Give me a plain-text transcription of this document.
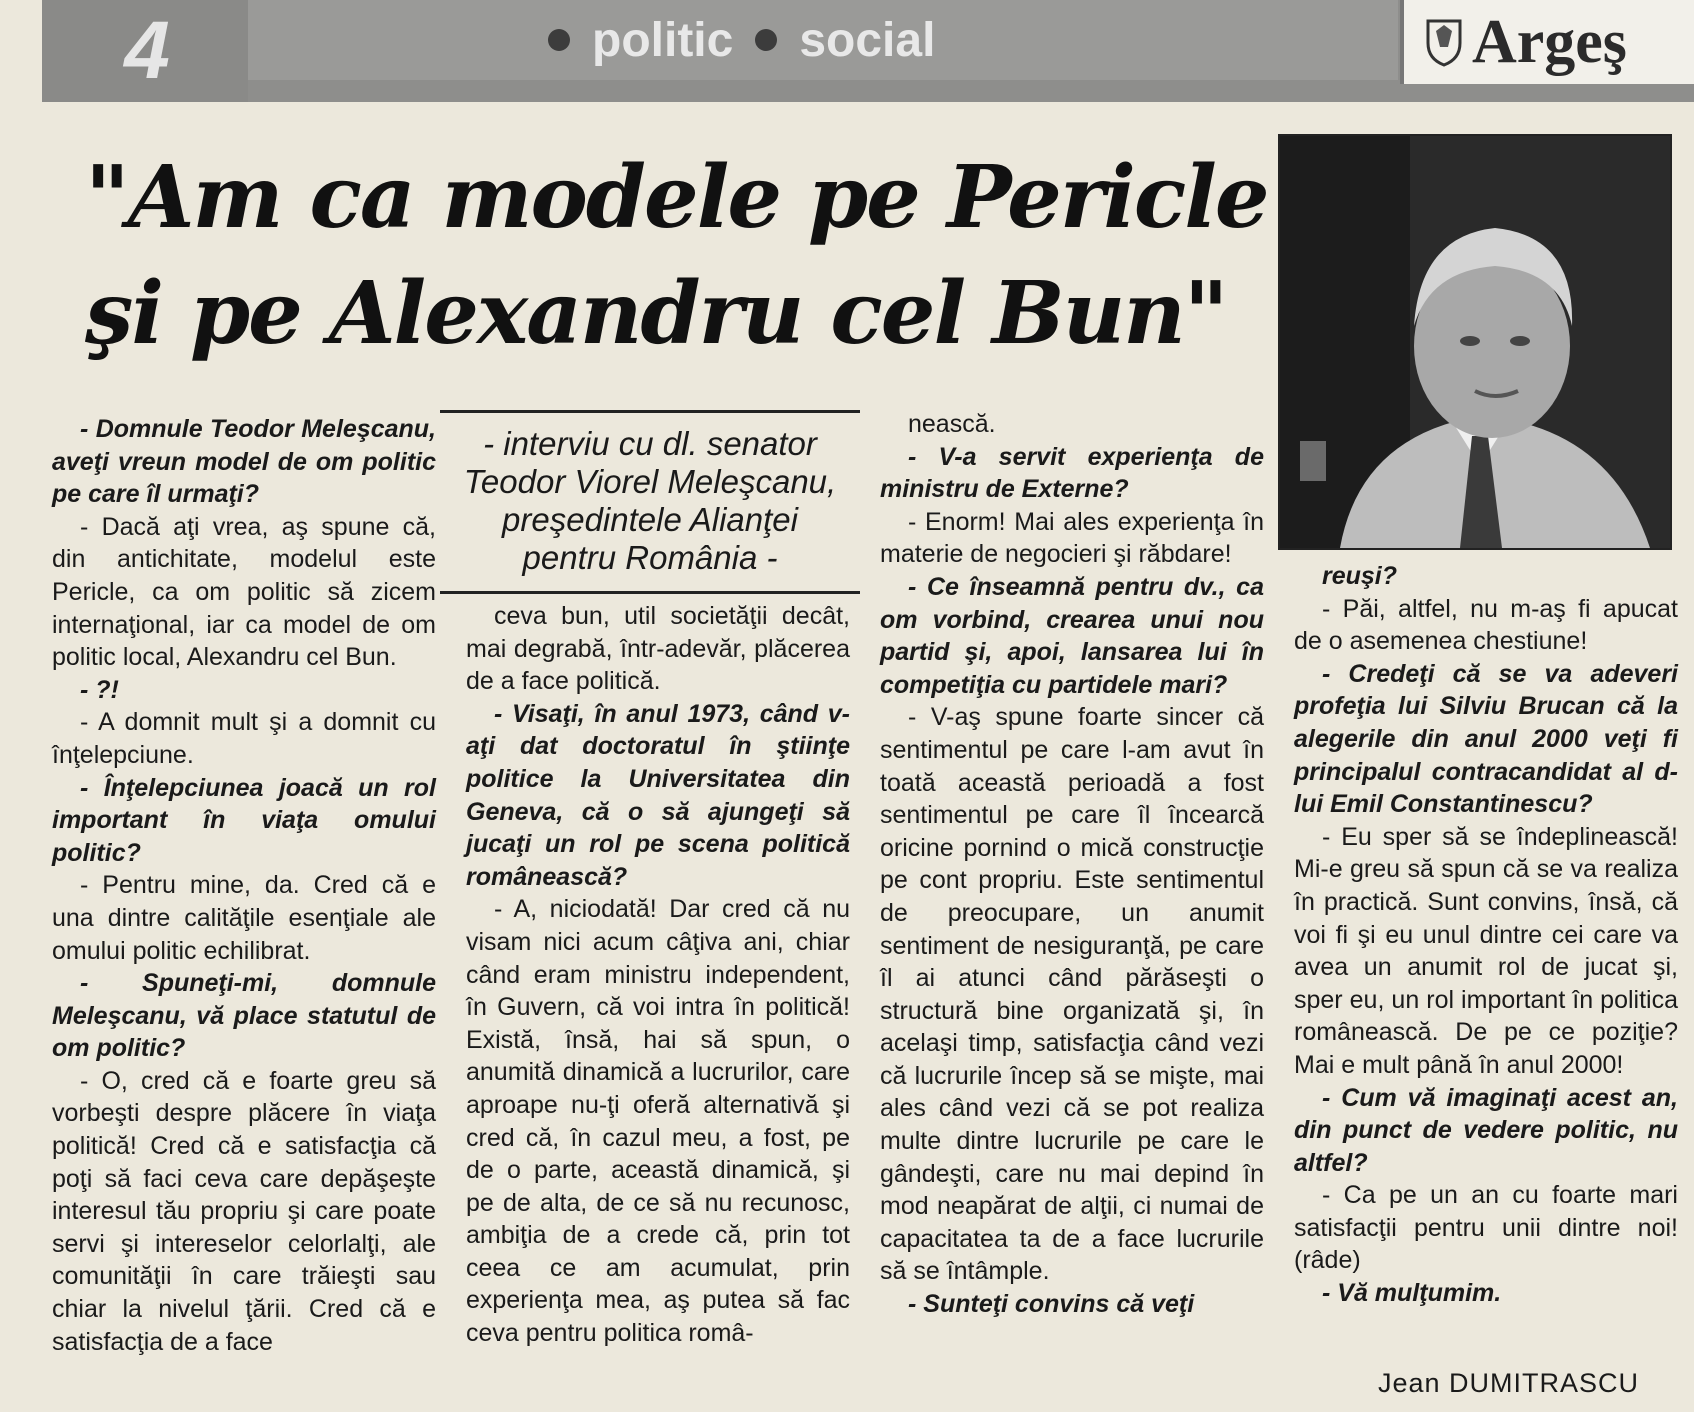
4	politic social	Argeş
"Am ca modele pe Pericle
şi pe Alexandru cel Bun"
- interviu cu dl. senator
Teodor Viorel Meleşcanu,
preşedintele Alianţei
pentru România -

- Domnule Teodor Meleşcanu, aveţi vreun model de om politic pe care îl urmaţi?

- Dacă aţi vrea, aş spune că, din antichitate, modelul este Pericle, ca om politic să zicem internaţional, iar ca model de om politic local, Alexandru cel Bun.

- ?!

- A domnit mult şi a domnit cu înţelepciune.

- Înţelepciunea joacă un rol important în viaţa omului politic?

- Pentru mine, da. Cred că e una dintre calităţile esenţiale ale omului politic echilibrat.

- Spuneţi-mi, domnule Meleşcanu, vă place statutul de om politic?

- O, cred că e foarte greu să vorbeşti despre plăcere în viaţa politică! Cred că e satisfacţia că poţi să faci ceva care depăşeşte interesul tău propriu şi care poate servi şi intereselor celorlalţi, ale comunităţii în care trăieşti sau chiar la nivelul ţării. Cred că e satisfacţia de a face

ceva bun, util societăţii decât, mai degrabă, într-adevăr, plăcerea de a face politică.

- Visaţi, în anul 1973, când v-aţi dat doctoratul în ştiinţe politice la Universitatea din Geneva, că o să ajungeţi să jucaţi un rol pe scena politică românească?

- A, niciodată! Dar cred că nu visam nici acum câţiva ani, chiar când eram ministru independent, în Guvern, că voi intra în politică! Există, însă, hai să spun, o anumită dinamică a lucrurilor, care aproape nu-ţi oferă alternativă şi cred că, în cazul meu, a fost, pe de o parte, această dinamică, şi pe de alta, de ce să nu recunosc, ambiţia de a crede că, prin tot ceea ce am acumulat, prin experienţa mea, aş putea să fac ceva pentru politica româ-

nească.

- V-a servit experienţa de ministru de Externe?

- Enorm! Mai ales experienţa în materie de negocieri şi răbdare!

- Ce înseamnă pentru dv., ca om vorbind, crearea unui nou partid şi, apoi, lansarea lui în competiţia cu partidele mari?

- V-aş spune foarte sincer că sentimentul pe care l-am avut în toată această perioadă a fost sentimentul pe care îl încearcă oricine pornind o mică construcţie pe cont propriu. Este sentimentul de preocupare, un anumit sentiment de nesiguranţă, pe care îl ai atunci când părăseşti o structură bine organizată şi, în acelaşi timp, satisfacţia când vezi că lucrurile încep să se mişte, mai ales când vezi că se pot realiza multe dintre lucrurile pe care le gândeşti, care nu mai depind în mod neapărat de alţii, ci numai de capacitatea ta de a face lucrurile să se întâmple.

- Sunteţi convins că veţi

reuşi?

- Păi, altfel, nu m-aş fi apucat de o asemenea chestiune!

- Credeţi că se va adeveri profeţia lui Silviu Brucan că la alegerile din anul 2000 veţi fi principalul contracandidat al d-lui Emil Constantinescu?

- Eu sper să se îndeplinească! Mi-e greu să spun că se va realiza în practică. Sunt convins, însă, că voi fi şi eu unul dintre cei care va avea un anumit rol de jucat şi, sper eu, un rol important în politica românească. De pe ce poziţie? Mai e mult până în anul 2000!

- Cum vă imaginaţi acest an, din punct de vedere politic, nu altfel?

- Ca pe un an cu foarte mari satisfacţii pentru unii dintre noi! (râde)

- Vă mulţumim.

Jean DUMITRASCU
